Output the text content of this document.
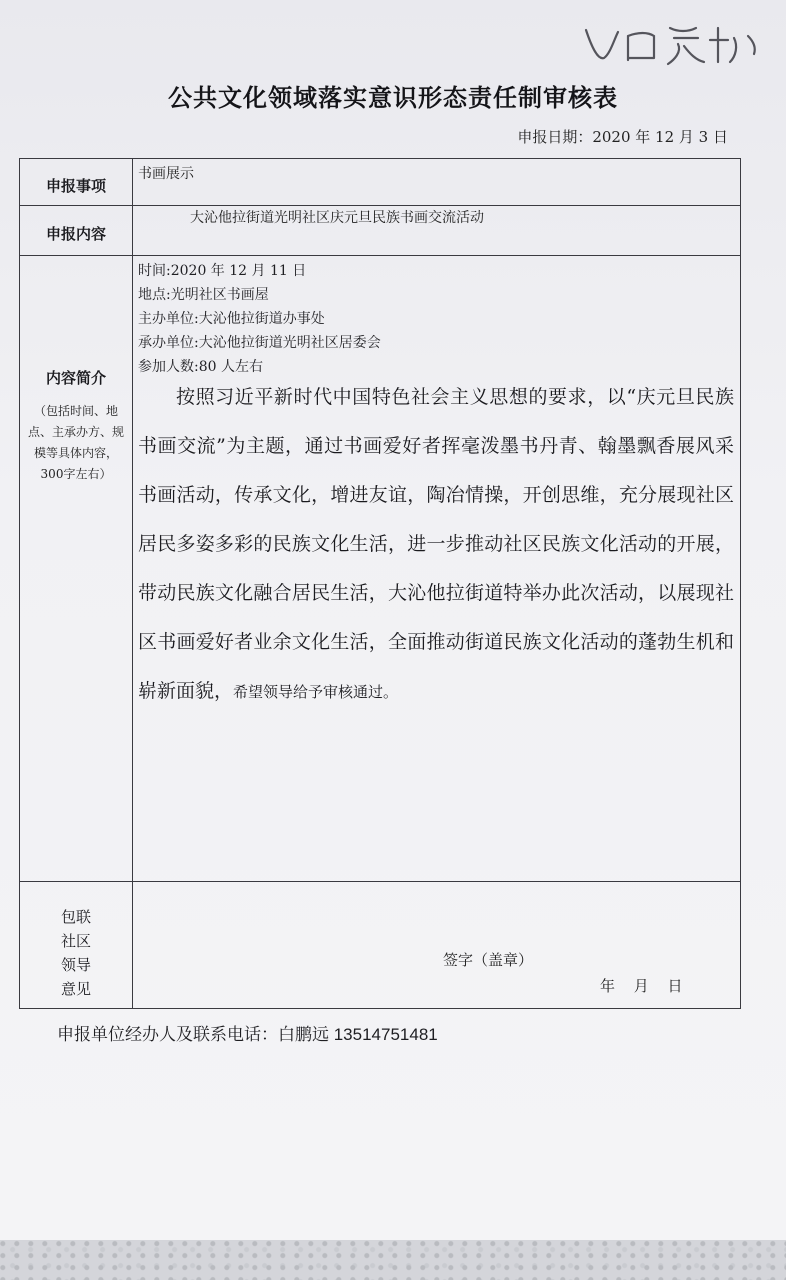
公共文化领域落实意识形态责任制审核表
申报日期：2020 年 12 月 3 日
申报事项
书画展示
申报内容
大沁他拉街道光明社区庆元旦民族书画交流活动
内容简介
（包括时间、地点、主承办方、规模等具体内容，300字左右）
时间:2020 年 12 月 11 日
地点:光明社区书画屋
主办单位:大沁他拉街道办事处
承办单位:大沁他拉街道光明社区居委会
参加人数:80 人左右
按照习近平新时代中国特色社会主义思想的要求，以“庆元旦民族书画交流”为主题，通过书画爱好者挥毫泼墨书丹青、翰墨飘香展风采书画活动，传承文化，增进友谊，陶冶情操，开创思维，充分展现社区居民多姿多彩的民族文化生活，进一步推动社区民族文化活动的开展，带动民族文化融合居民生活，大沁他拉街道特举办此次活动，以展现社区书画爱好者业余文化生活，全面推动街道民族文化活动的蓬勃生机和崭新面貌，希望领导给予审核通过。
包联
社区
领导
意见
签字（盖章）
年 月 日
申报单位经办人及联系电话：白鹏远 13514751481
